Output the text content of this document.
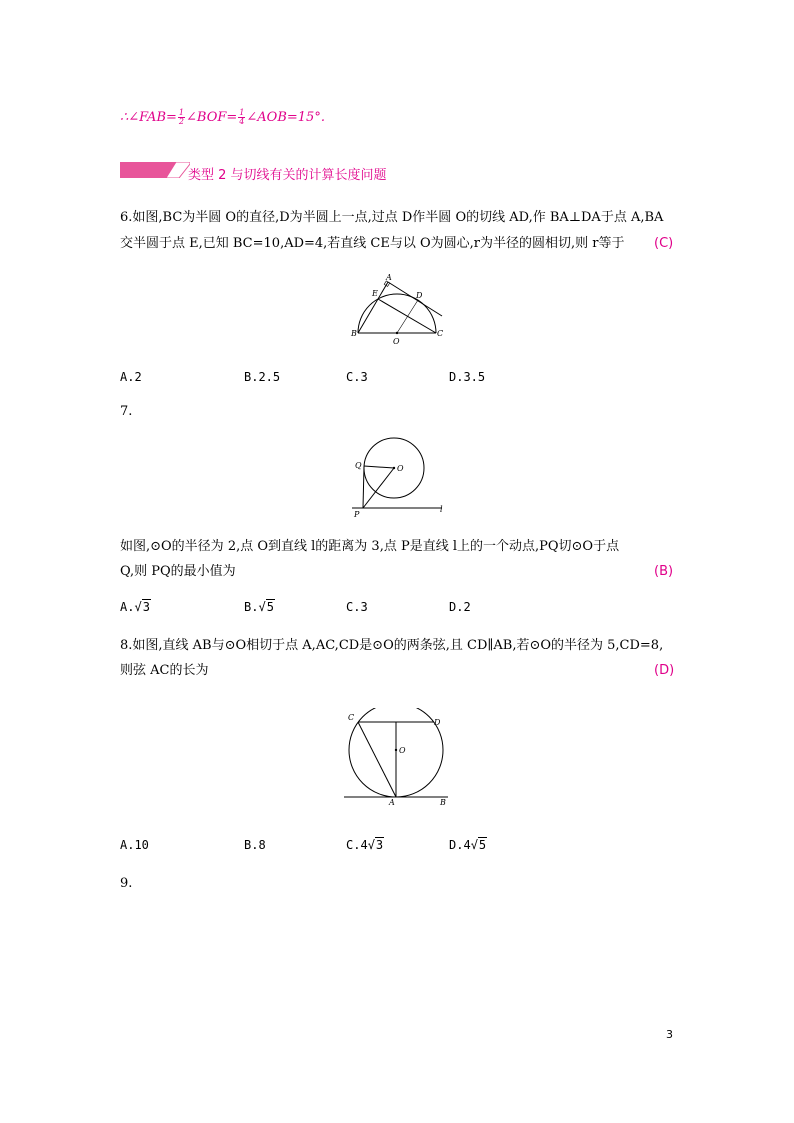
∴∠FAB= $\frac{1}{2}$ ∠BOF= $\frac{1}{4}$ ∠AOB=15°.
类型 2 与切线有关的计算长度问题
6.如图,BC为半圆 O的直径,D为半圆上一点,过点 D作半圆 O的切线 AD,作 BA⊥DA于点 A,BA
交半圆于点 E,已知 BC=10,AD=4,若直线 CE与以 O为圆心,r为半径的圆相切,则 r等于 (C)
A
E	D
B
O
C
A.2	B.2.5	C.3	D.3.5
7.
Q	O
P
l
如图,⊙O的半径为 2,点 O到直线 l的距离为 3,点 P是直线 l上的一个动点,PQ切⊙O于点
Q,则 PQ的最小值为	(B)
A.√3	B.√5	C.3	D.2
8.如图,直线 AB与⊙O相切于点 A,AC,CD是⊙O的两条弦,且 CD∥AB,若⊙O的半径为 5,CD=8,
则弦 AC的长为	(D)
C
D
O
A	B
A.10	B.8	C.4√3	D.4√5
9.
3
